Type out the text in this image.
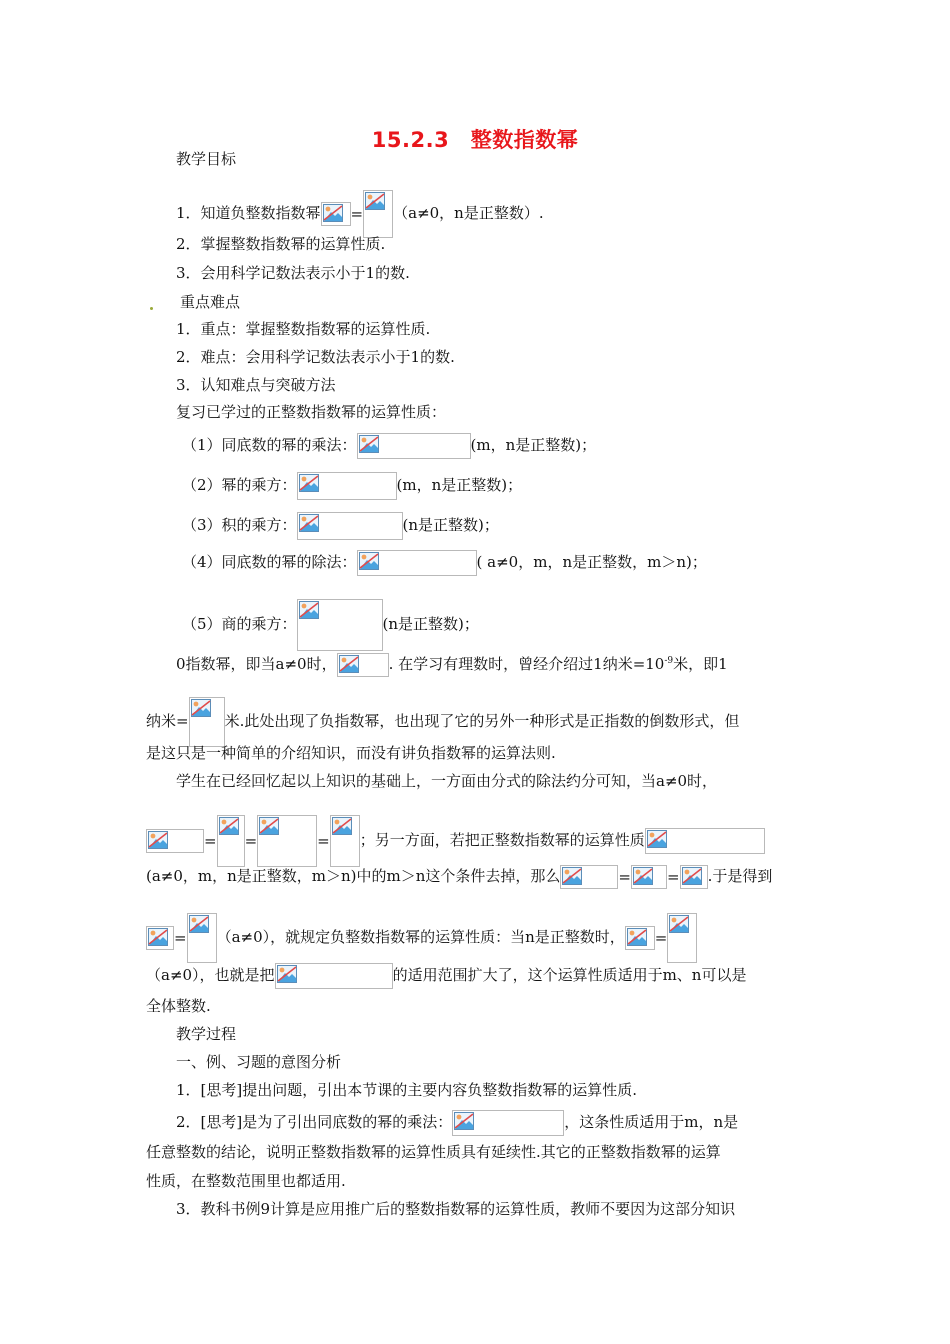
15.2.3　整数指数幂
教学目标
1．知道负整数指数幂 = （a≠0，n是正整数）.
2．掌握整数指数幂的运算性质.
3．会用科学记数法表示小于1的数.
重点难点
1．重点：掌握整数指数幂的运算性质.
2．难点：会用科学记数法表示小于1的数.
3．认知难点与突破方法
复习已学过的正整数指数幂的运算性质：
（1）同底数的幂的乘法：	(m，n是正整数)；
（2）幂的乘方：	(m，n是正整数)；
（3）积的乘方：	(n是正整数)；
（4）同底数的幂的除法：	( a≠0，m，n是正整数，m＞n)；
（5）商的乘方：	(n是正整数)；
0指数幂，即当a≠0时，	. 在学习有理数时，曾经介绍过1纳米$=10^{-9}$米，即1
纳米= 米.此处出现了负指数幂，也出现了它的另外一种形式是正指数的倒数形式，但
是这只是一种简单的介绍知识，而没有讲负指数幂的运算法则.
学生在已经回忆起以上知识的基础上，一方面由分式的除法约分可知，当a≠0时，
= =	= ；另一方面，若把正整数指数幂的运算性质
(a≠0，m，n是正整数，m＞n)中的m＞n这个条件去掉，那么	= = .于是得到
= （a≠0），就规定负整数指数幂的运算性质：当n是正整数时， =
（a≠0），也就是把	的适用范围扩大了，这个运算性质适用于m、n可以是
全体整数.
教学过程
一、例、习题的意图分析
1．[思考]提出问题，引出本节课的主要内容负整数指数幂的运算性质.
2．[思考]是为了引出同底数的幂的乘法：	，这条性质适用于m，n是
任意整数的结论，说明正整数指数幂的运算性质具有延续性.其它的正整数指数幂的运算
性质，在整数范围里也都适用.
3．教科书例9计算是应用推广后的整数指数幂的运算性质，教师不要因为这部分知识
